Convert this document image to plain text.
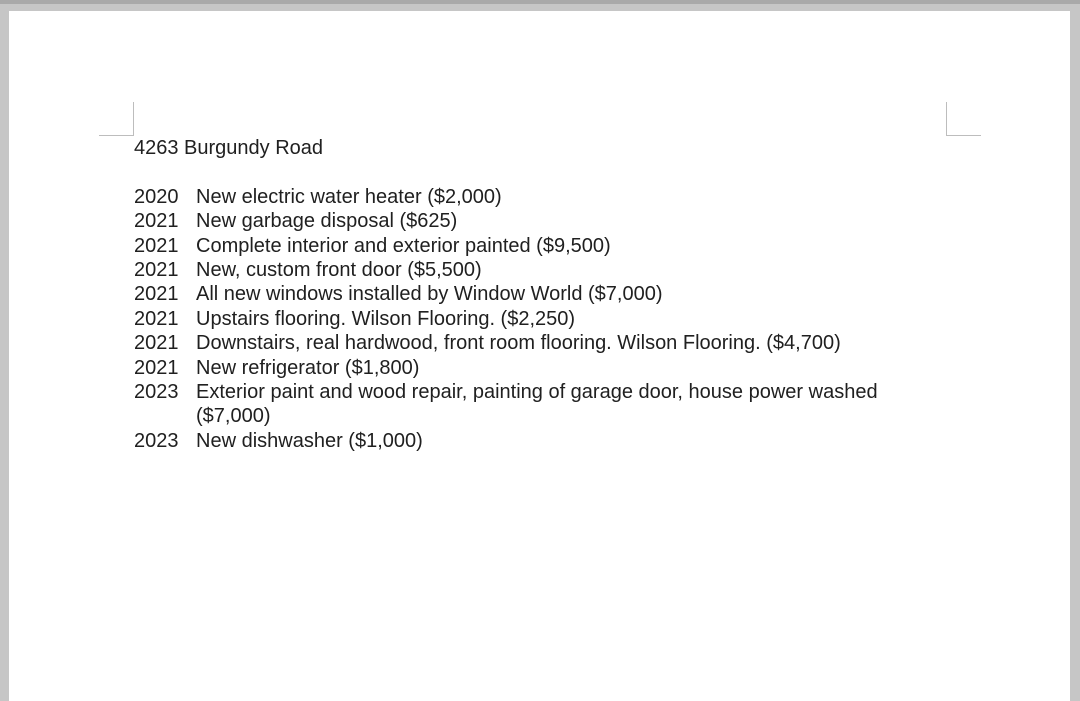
4263 Burgundy Road

2020 New electric water heater ($2,000)
2021 New garbage disposal ($625)
2021 Complete interior and exterior painted ($9,500)
2021 New, custom front door ($5,500)
2021 All new windows installed by Window World ($7,000)
2021 Upstairs flooring. Wilson Flooring. ($2,250)
2021 Downstairs, real hardwood, front room flooring. Wilson Flooring. ($4,700)
2021 New refrigerator ($1,800)
2023 Exterior paint and wood repair, painting of garage door, house power washed ($7,000)
2023 New dishwasher ($1,000)
